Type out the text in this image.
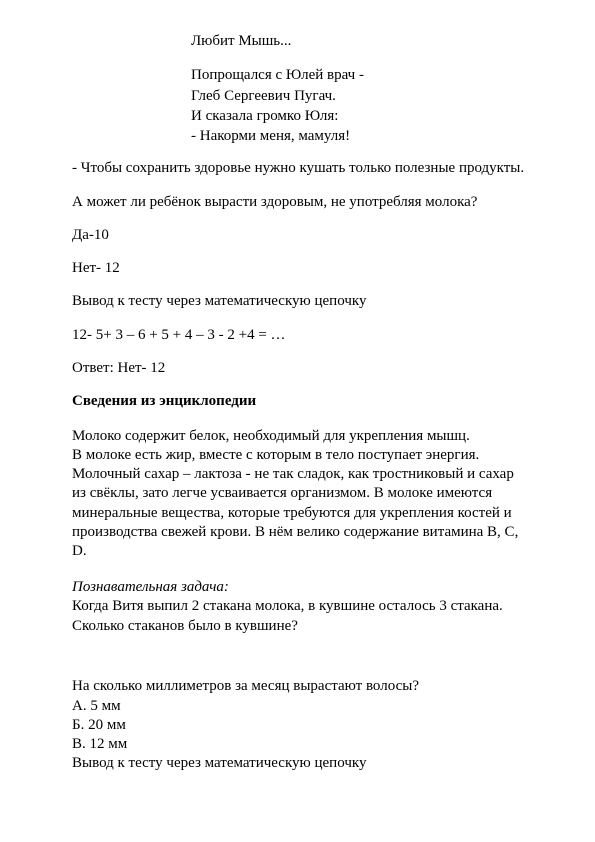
Любит Мышь...
Попрощался с Юлей врач -
Глеб Сергеевич Пугач.
И сказала громко Юля:
- Накорми меня, мамуля!
- Чтобы сохранить здоровье нужно кушать только полезные продукты.
А может ли ребёнок вырасти здоровым, не употребляя молока?
Да-10
Нет- 12
Вывод к тесту через математическую цепочку
12- 5+ 3 – 6 + 5 + 4 – 3 - 2 +4 = …
Ответ: Нет- 12
Сведения из энциклопедии
Молоко содержит белок, необходимый для укрепления мышц.
В молоке есть жир, вместе с которым в тело поступает энергия.
Молочный сахар – лактоза - не так сладок, как тростниковый и сахар
из свёклы, зато легче усваивается организмом. В молоке имеются
минеральные вещества, которые требуются для укрепления костей и
производства свежей крови. В нём велико содержание витамина В, С,
D.
Познавательная задача:
Когда Витя выпил 2 стакана молока, в кувшине осталось 3 стакана.
Сколько стаканов было в кувшине?
На сколько миллиметров за месяц вырастают волосы?
А. 5 мм
Б. 20 мм
В. 12 мм
Вывод к тесту через математическую цепочку
